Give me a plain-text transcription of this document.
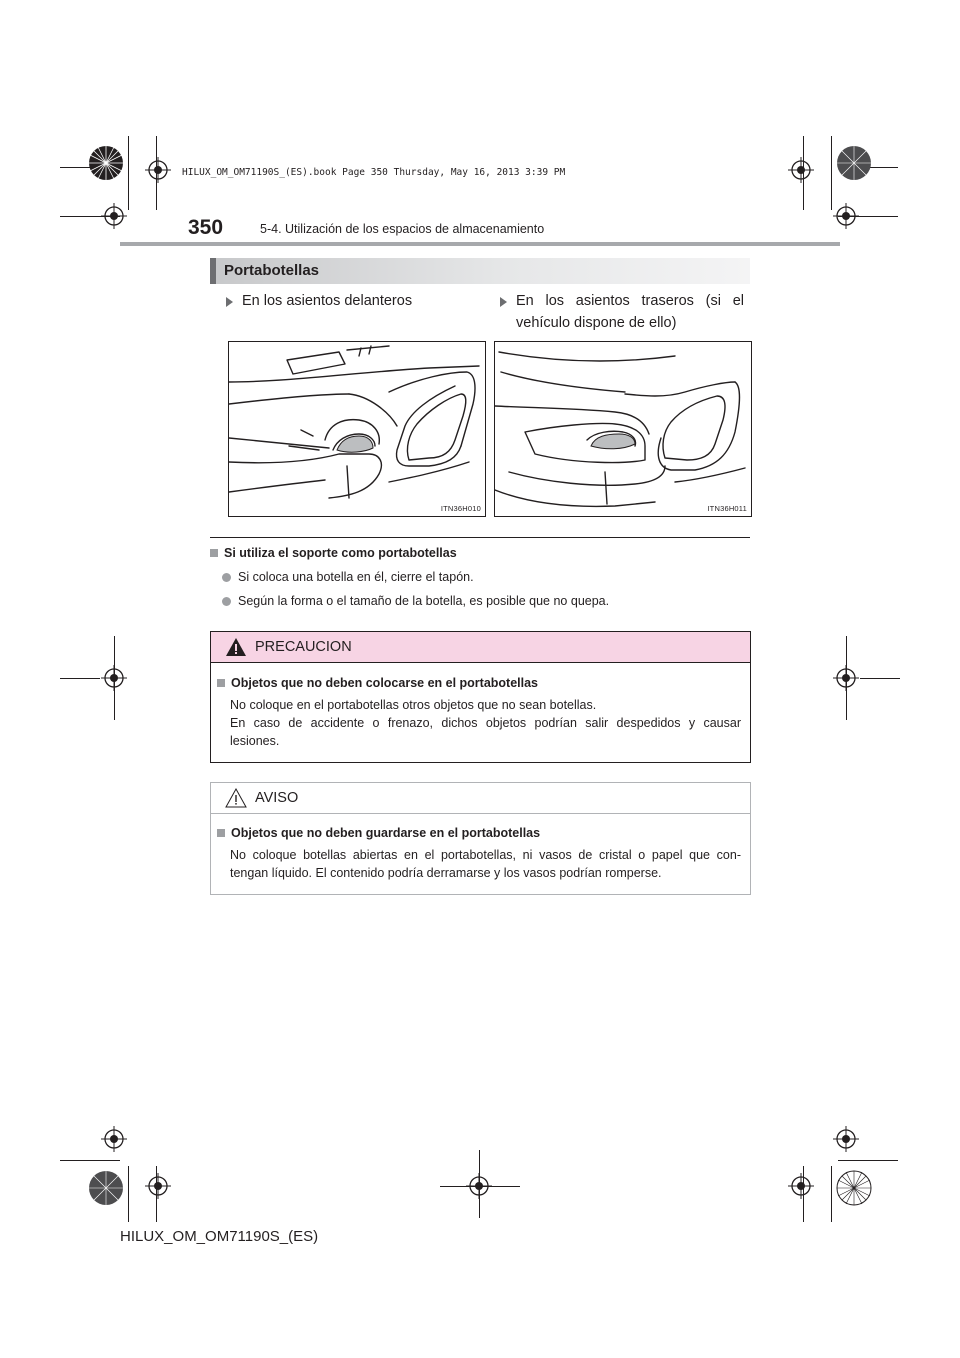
HILUX_OM_OM71190S_(ES).book Page 350 Thursday, May 16, 2013 3:39 PM
350	5-4. Utilización de los espacios de almacenamiento
Portabotellas
En los asientos delanteros	En los asientos traseros (si el vehículo dispone de ello)
ITN36H010	ITN36H011
Si utiliza el soporte como portabotellas
Si coloca una botella en él, cierre el tapón.
Según la forma o el tamaño de la botella, es posible que no quepa.
PRECAUCION
Objetos que no deben colocarse en el portabotellas
No coloque en el portabotellas otros objetos que no sean botellas.
En caso de accidente o frenazo, dichos objetos podrían salir despedidos y causar
lesiones.
AVISO
Objetos que no deben guardarse en el portabotellas
No coloque botellas abiertas en el portabotellas, ni vasos de cristal o papel que con-
tengan líquido. El contenido podría derramarse y los vasos podrían romperse.
HILUX_OM_OM71190S_(ES)
